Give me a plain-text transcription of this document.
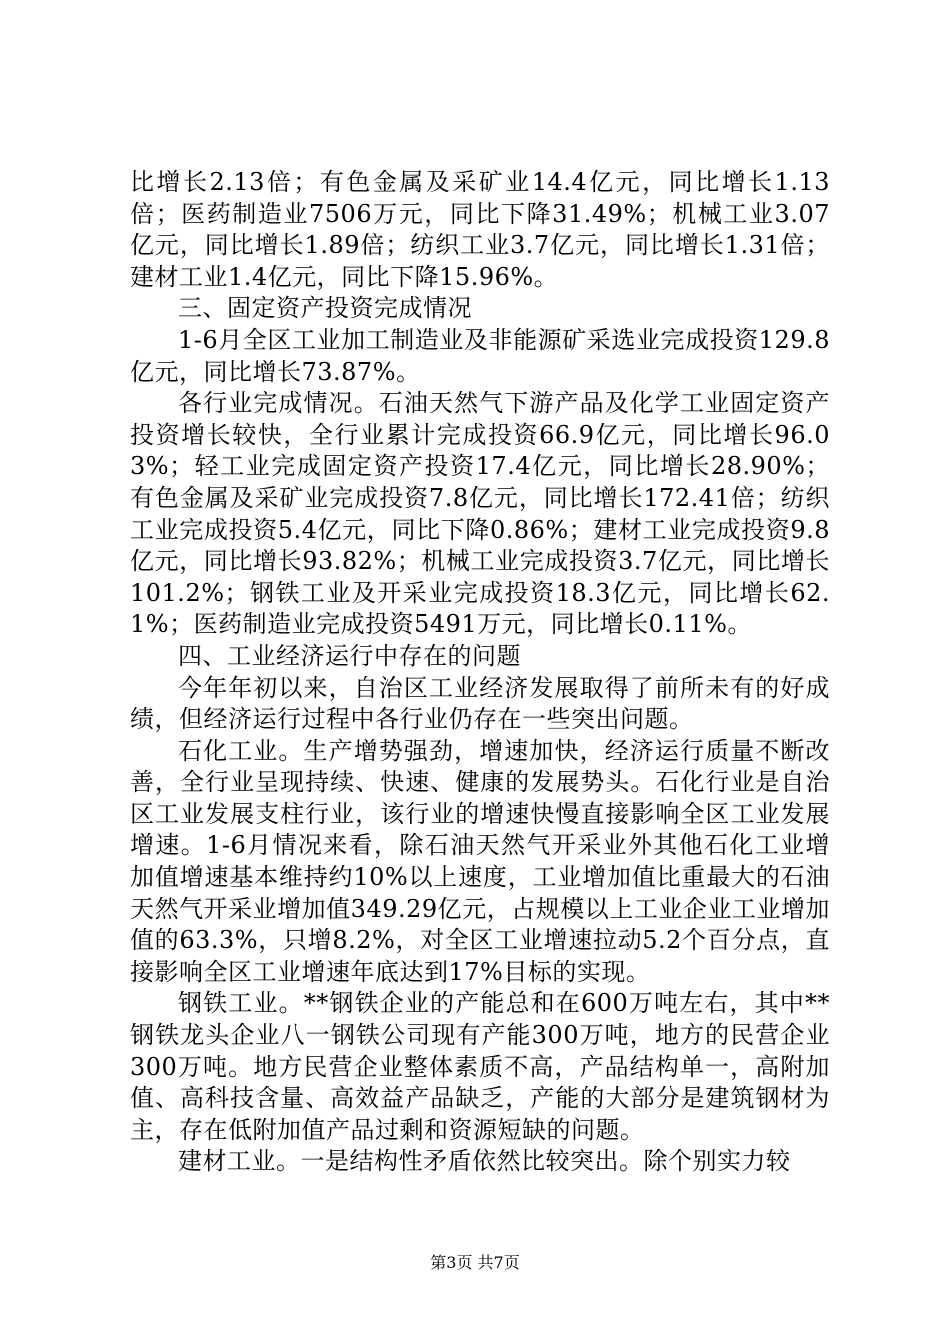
比增长2.13倍；有色金属及采矿业14.4亿元，同比增长1.13倍；医药制造业7506万元，同比下降31.49%；机械工业3.07亿元，同比增长1.89倍；纺织工业3.7亿元，同比增长1.31倍；建材工业1.4亿元，同比下降15.96%。

三、固定资产投资完成情况

1-6月全区工业加工制造业及非能源矿采选业完成投资129.8亿元，同比增长73.87%。

各行业完成情况。石油天然气下游产品及化学工业固定资产投资增长较快，全行业累计完成投资66.9亿元，同比增长96.03%；轻工业完成固定资产投资17.4亿元，同比增长28.90%；有色金属及采矿业完成投资7.8亿元，同比增长172.41倍；纺织工业完成投资5.4亿元，同比下降0.86%；建材工业完成投资9.8亿元，同比增长93.82%；机械工业完成投资3.7亿元，同比增长101.2%；钢铁工业及开采业完成投资18.3亿元，同比增长62.1%；医药制造业完成投资5491万元，同比增长0.11%。

四、工业经济运行中存在的问题

今年年初以来，自治区工业经济发展取得了前所未有的好成绩，但经济运行过程中各行业仍存在一些突出问题。

石化工业。生产增势强劲，增速加快，经济运行质量不断改善，全行业呈现持续、快速、健康的发展势头。石化行业是自治区工业发展支柱行业，该行业的增速快慢直接影响全区工业发展增速。1-6月情况来看，除石油天然气开采业外其他石化工业增加值增速基本维持约10%以上速度，工业增加值比重最大的石油天然气开采业增加值349.29亿元，占规模以上工业企业工业增加值的63.3%，只增8.2%，对全区工业增速拉动5.2个百分点，直接影响全区工业增速年底达到17%目标的实现。

钢铁工业。**钢铁企业的产能总和在600万吨左右，其中**钢铁龙头企业八一钢铁公司现有产能300万吨，地方的民营企业300万吨。地方民营企业整体素质不高，产品结构单一，高附加值、高科技含量、高效益产品缺乏，产能的大部分是建筑钢材为主，存在低附加值产品过剩和资源短缺的问题。

建材工业。一是结构性矛盾依然比较突出。除个别实力较

第3页 共7页
